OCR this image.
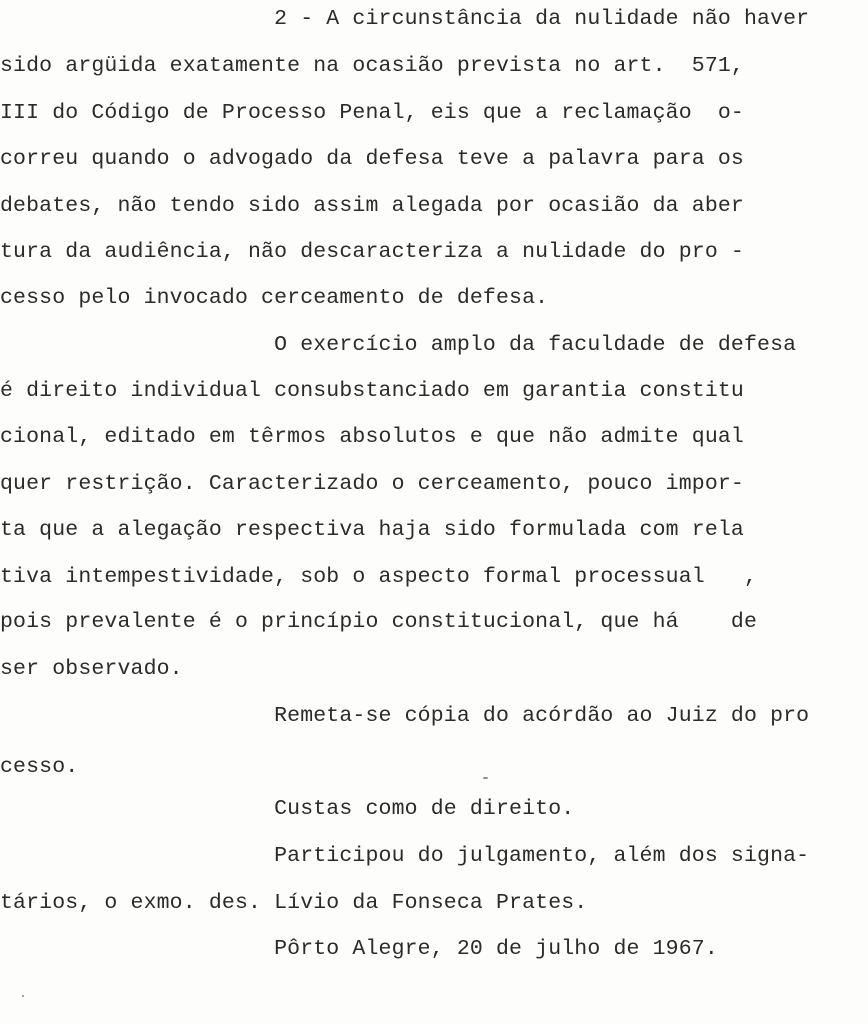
2 - A circunstância da nulidade não haver
sido argüida exatamente na ocasião prevista no art.  571,
III do Código de Processo Penal, eis que a reclamação  o-
correu quando o advogado da defesa teve a palavra para os
debates, não tendo sido assim alegada por ocasião da aber
tura da audiência, não descaracteriza a nulidade do pro -
cesso pelo invocado cerceamento de defesa.
O exercício amplo da faculdade de defesa
é direito individual consubstanciado em garantia constitu
cional, editado em têrmos absolutos e que não admite qual
quer restrição. Caracterizado o cerceamento, pouco impor-
ta que a alegação respectiva haja sido formulada com rela
tiva intempestividade, sob o aspecto formal processual   ,
pois prevalente é o princípio constitucional, que há    de
ser observado.
Remeta-se cópia do acórdão ao Juiz do pro
cesso.
Custas como de direito.
Participou do julgamento, além dos signa-
tários, o exmo. des. Lívio da Fonseca Prates.
Pôrto Alegre, 20 de julho de 1967.
